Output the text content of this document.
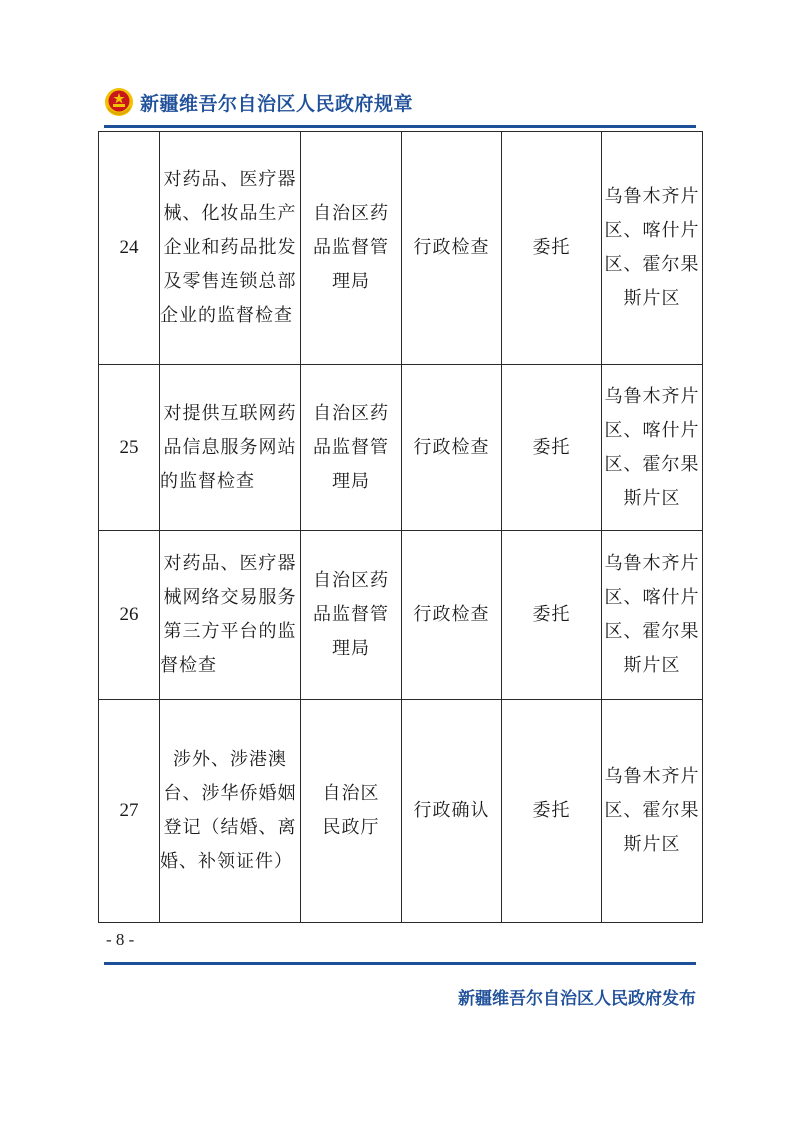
新疆维吾尔自治区人民政府规章
24	对药品、医疗器械、化妆品生产企业和药品批发及零售连锁总部企业的监督检查	自治区药品监督管理局	行政检查	委托	乌鲁木齐片区、喀什片区、霍尔果斯片区
25	对提供互联网药品信息服务网站的监督检查	自治区药品监督管理局	行政检查	委托	乌鲁木齐片区、喀什片区、霍尔果斯片区
26	对药品、医疗器械网络交易服务第三方平台的监督检查	自治区药品监督管理局	行政检查	委托	乌鲁木齐片区、喀什片区、霍尔果斯片区
27	涉外、涉港澳台、涉华侨婚姻登记（结婚、离婚、补领证件）	自治区民政厅	行政确认	委托	乌鲁木齐片区、霍尔果斯片区
- 8 -
新疆维吾尔自治区人民政府发布
